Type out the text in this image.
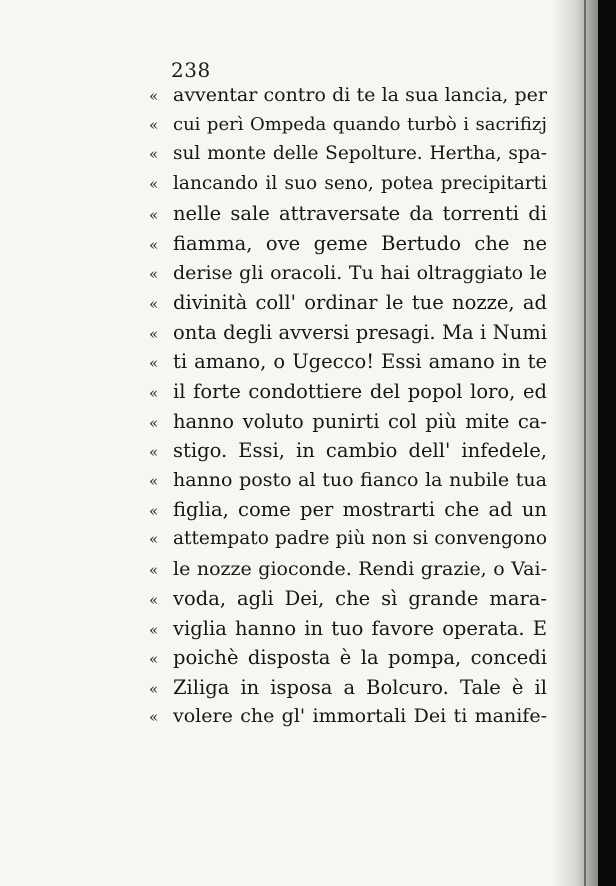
238
« avventar contro di te la sua lancia, per
« cui perì Ompeda quando turbò i sacrifizj
« sul monte delle Sepolture. Hertha, spa-
« lancando il suo seno, potea precipitarti
« nelle sale attraversate da torrenti di
« fiamma, ove geme Bertudo che ne
« derise gli oracoli. Tu hai oltraggiato le
« divinità coll' ordinar le tue nozze, ad
« onta degli avversi presagi. Ma i Numi
« ti amano, o Ugecco! Essi amano in te
« il forte condottiere del popol loro, ed
« hanno voluto punirti col più mite ca-
« stigo. Essi, in cambio dell' infedele,
« hanno posto al tuo fianco la nubile tua
« figlia, come per mostrarti che ad un
« attempato padre più non si convengono
« le nozze gioconde. Rendi grazie, o Vai-
« voda, agli Dei, che sì grande mara-
« viglia hanno in tuo favore operata. E
« poichè disposta è la pompa, concedi
« Ziliga in isposa a Bolcuro. Tale è il
« volere che gl' immortali Dei ti manife-
